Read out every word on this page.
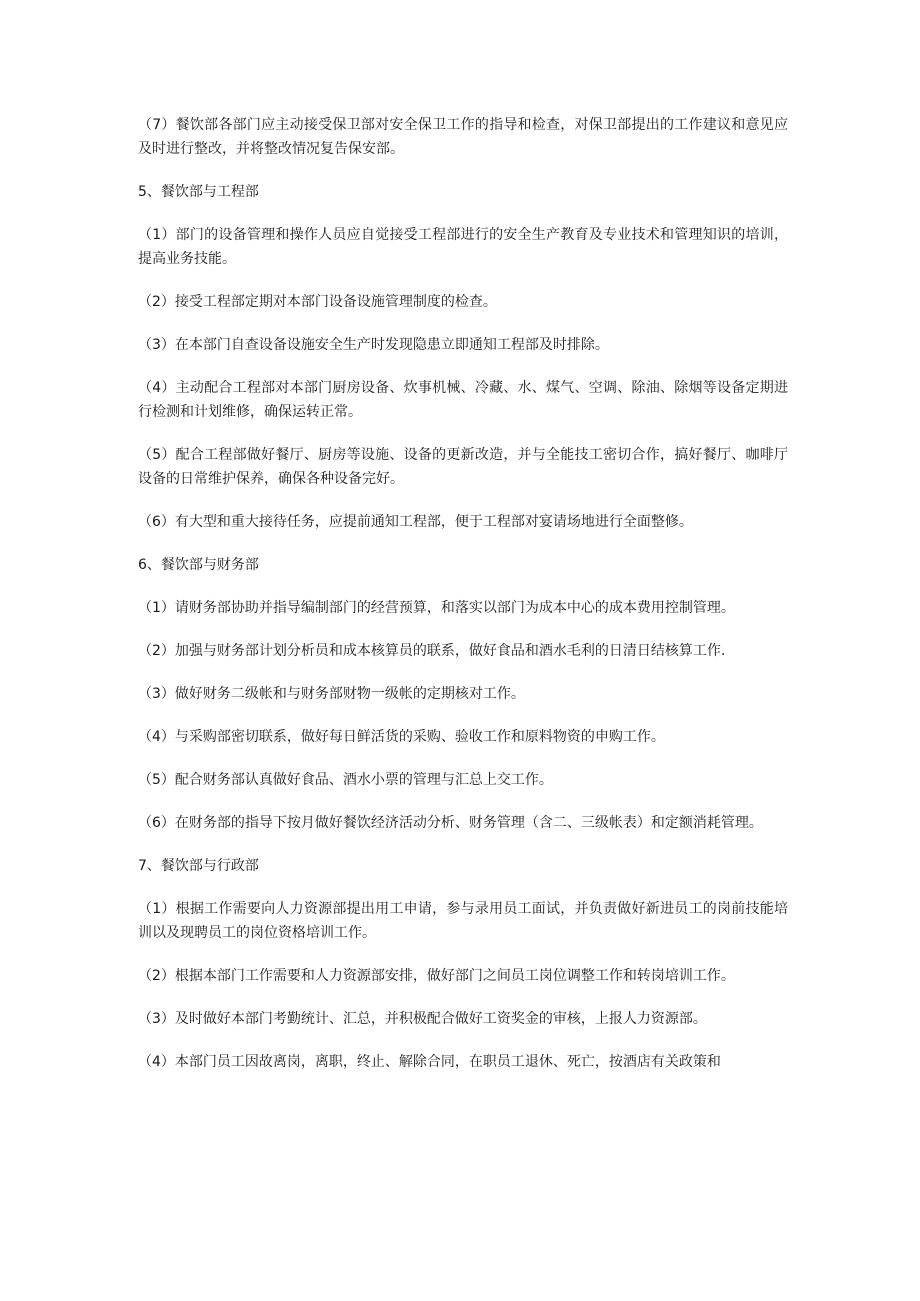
（7）餐饮部各部门应主动接受保卫部对安全保卫工作的指导和检查，对保卫部提出的工作建议和意见应及时进行整改，并将整改情况复告保安部。

5、餐饮部与工程部

（1）部门的设备管理和操作人员应自觉接受工程部进行的安全生产教育及专业技术和管理知识的培训，提高业务技能。

（2）接受工程部定期对本部门设备设施管理制度的检查。

（3）在本部门自查设备设施安全生产时发现隐患立即通知工程部及时排除。

（4）主动配合工程部对本部门厨房设备、炊事机械、冷藏、水、煤气、空调、除油、除烟等设备定期进行检测和计划维修，确保运转正常。

（5）配合工程部做好餐厅、厨房等设施、设备的更新改造，并与全能技工密切合作，搞好餐厅、咖啡厅设备的日常维护保养，确保各种设备完好。

（6）有大型和重大接待任务，应提前通知工程部，便于工程部对宴请场地进行全面整修。

6、餐饮部与财务部

（1）请财务部协助并指导编制部门的经营预算，和落实以部门为成本中心的成本费用控制管理。

（2）加强与财务部计划分析员和成本核算员的联系，做好食品和酒水毛利的日清日结核算工作.

（3）做好财务二级帐和与财务部财物一级帐的定期核对工作。

（4）与采购部密切联系，做好每日鲜活货的采购、验收工作和原料物资的申购工作。

（5）配合财务部认真做好食品、酒水小票的管理与汇总上交工作。

（6）在财务部的指导下按月做好餐饮经济活动分析、财务管理（含二、三级帐表）和定额消耗管理。

7、餐饮部与行政部

（1）根据工作需要向人力资源部提出用工申请，参与录用员工面试，并负责做好新进员工的岗前技能培训以及现聘员工的岗位资格培训工作。

（2）根据本部门工作需要和人力资源部安排，做好部门之间员工岗位调整工作和转岗培训工作。

（3）及时做好本部门考勤统计、汇总，并积极配合做好工资奖金的审核，上报人力资源部。

（4）本部门员工因故离岗，离职，终止、解除合同，在职员工退休、死亡，按酒店有关政策和
